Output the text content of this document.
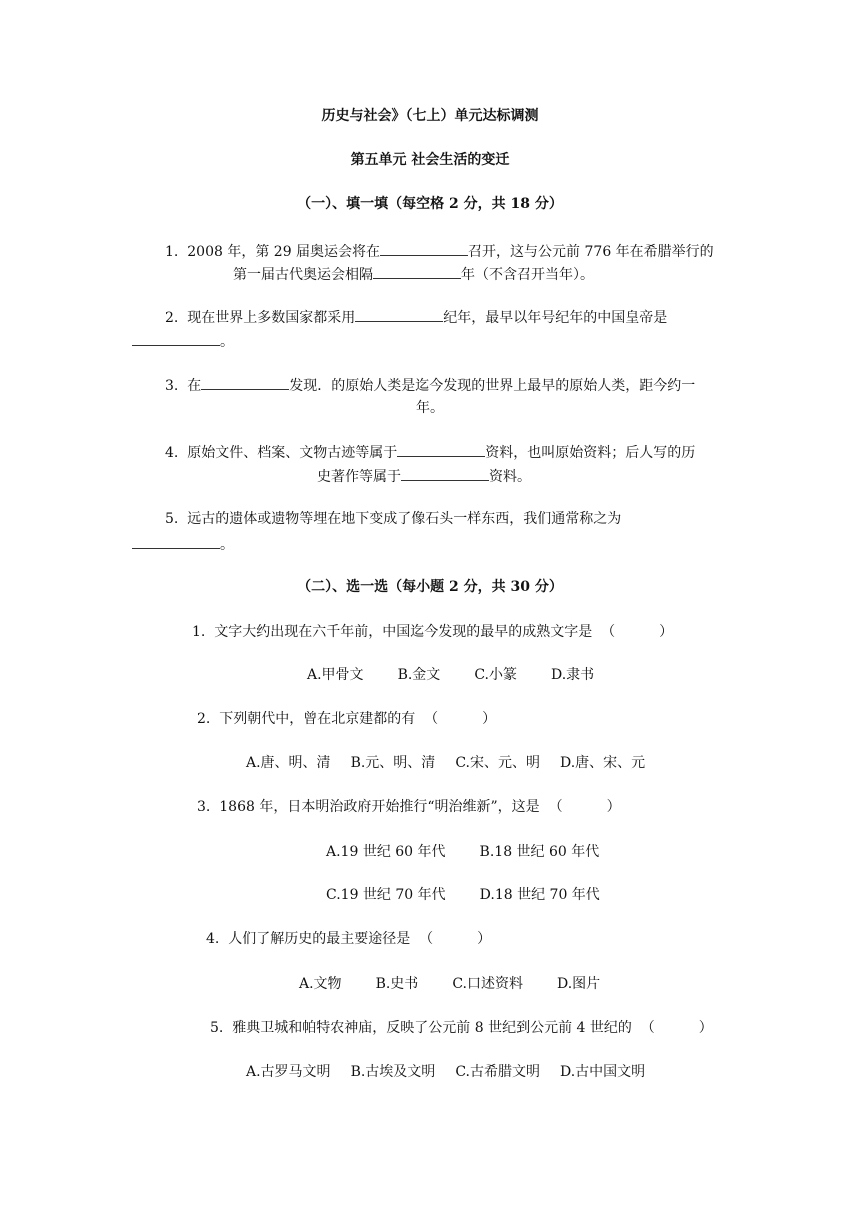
历史与社会》（七上）单元达标调测
第五单元 社会生活的变迁
（一）、填一填（每空格 2 分，共 18 分）
1. 2008 年，第 29 届奥运会将在	召开，这与公元前 776 年在希腊举行的
第一届古代奥运会相隔	年（不含召开当年）。
2. 现在世界上多数国家都采用	纪年，最早以年号纪年的中国皇帝是
。
3. 在	发现．的原始人类是迄今发现的世界上最早的原始人类，距今约一
年。
4. 原始文件、档案、文物古迹等属于	资料，也叫原始资料；后人写的历
史著作等属于	资料。
5. 远古的遗体或遗物等埋在地下变成了像石头一样东西，我们通常称之为
。
（二）、选一选（每小题 2 分，共 30 分）
1. 文字大约出现在六千年前，中国迄今发现的最早的成熟文字是 （	）
A.甲骨文 B.金文 C.小篆 D.隶书
2. 下列朝代中，曾在北京建都的有 （	）
A.唐、明、清 B.元、明、清 C.宋、元、明 D.唐、宋、元
3. 1868 年，日本明治政府开始推行“明治维新”，这是 （	）
A.19 世纪 60 年代 B.18 世纪 60 年代
C.19 世纪 70 年代 D.18 世纪 70 年代
4. 人们了解历史的最主要途径是 （	）
A.文物 B.史书 C.口述资料 D.图片
5. 雅典卫城和帕特农神庙，反映了公元前 8 世纪到公元前 4 世纪的 （	）
A.古罗马文明 B.古埃及文明 C.古希腊文明 D.古中国文明
